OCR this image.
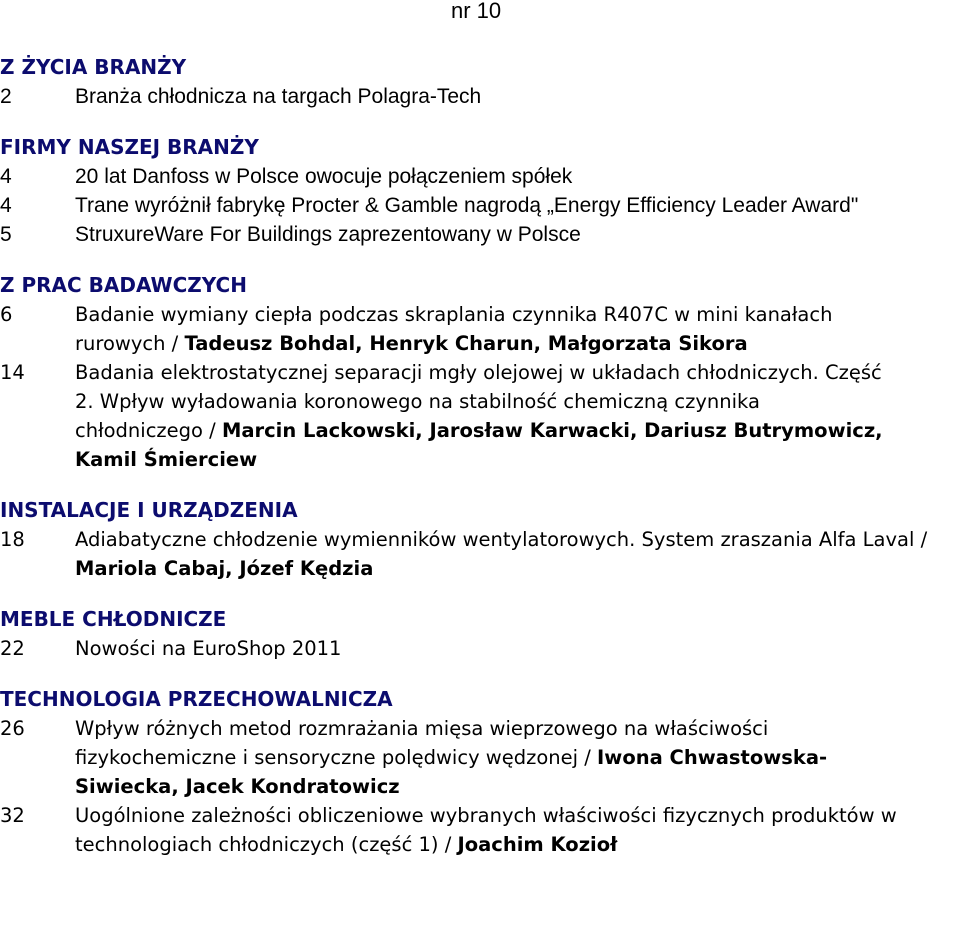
nr 10
Z ŻYCIA BRANŻY
2	Branża chłodnicza na targach Polagra-Tech
FIRMY NASZEJ BRANŻY
4	20 lat Danfoss w Polsce owocuje połączeniem spółek
4	Trane wyróżnił fabrykę Procter & Gamble nagrodą „Energy Efficiency Leader Award"
5	StruxureWare For Buildings zaprezentowany w Polsce
Z PRAC BADAWCZYCH
6	Badanie wymiany ciepła podczas skraplania czynnika R407C w mini kanałach rurowych / Tadeusz Bohdal, Henryk Charun, Małgorzata Sikora
14	Badania elektrostatycznej separacji mgły olejowej w układach chłodniczych. Część 2. Wpływ wyładowania koronowego na stabilność chemiczną czynnika chłodniczego / Marcin Lackowski, Jarosław Karwacki, Dariusz Butrymowicz, Kamil Śmierciew
INSTALACJE I URZĄDZENIA
18	Adiabatyczne chłodzenie wymienników wentylatorowych. System zraszania Alfa Laval / Mariola Cabaj, Józef Kędzia
MEBLE CHŁODNICZE
22	Nowości na EuroShop 2011
TECHNOLOGIA PRZECHOWALNICZA
26	Wpływ różnych metod rozmrażania mięsa wieprzowego na właściwości fizykochemiczne i sensoryczne polędwicy wędzonej / Iwona Chwastowska-Siwiecka, Jacek Kondratowicz
32	Uogólnione zależności obliczeniowe wybranych właściwości fizycznych produktów w technologiach chłodniczych (część 1) / Joachim Kozioł
